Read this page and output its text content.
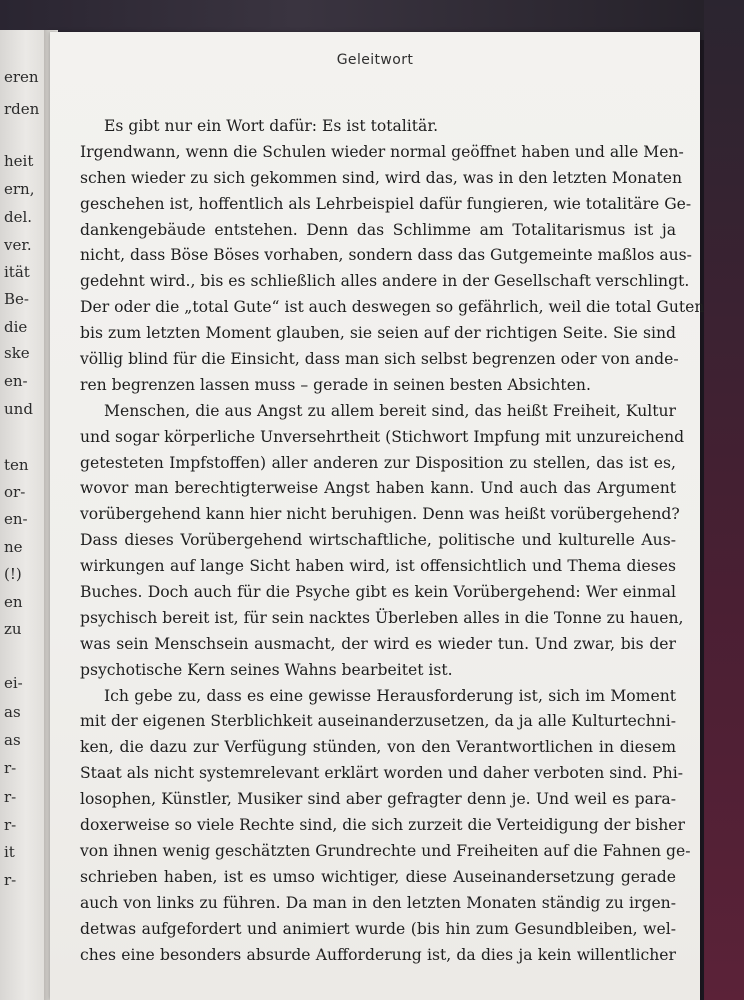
eren
rden
heit
ern,
del.
ver.
ität
Be-
die
ske
en-
und
ten
or-
en-
ne
(!)
en
zu
ei-
as
as
r-
r-
r-
it
r-
Geleitwort
Es gibt nur ein Wort dafür: Es ist totalitär.
Irgendwann, wenn die Schulen wieder normal geöffnet haben und alle Men-
schen wieder zu sich gekommen sind, wird das, was in den letzten Monaten
geschehen ist, hoffentlich als Lehrbeispiel dafür fungieren, wie totalitäre Ge-
dankengebäude entstehen. Denn das Schlimme am Totalitarismus ist ja
nicht, dass Böse Böses vorhaben, sondern dass das Gutgemeinte maßlos aus-
gedehnt wird., bis es schließlich alles andere in der Gesellschaft verschlingt.
Der oder die „total Gute“ ist auch deswegen so gefährlich, weil die total Guten
bis zum letzten Moment glauben, sie seien auf der richtigen Seite. Sie sind
völlig blind für die Einsicht, dass man sich selbst begrenzen oder von ande-
ren begrenzen lassen muss – gerade in seinen besten Absichten.
Menschen, die aus Angst zu allem bereit sind, das heißt Freiheit, Kultur
und sogar körperliche Unversehrtheit (Stichwort Impfung mit unzureichend
getesteten Impfstoffen) aller anderen zur Disposition zu stellen, das ist es,
wovor man berechtigterweise Angst haben kann. Und auch das Argument
vorübergehend kann hier nicht beruhigen. Denn was heißt vorübergehend?
Dass dieses Vorübergehend wirtschaftliche, politische und kulturelle Aus-
wirkungen auf lange Sicht haben wird, ist offensichtlich und Thema dieses
Buches. Doch auch für die Psyche gibt es kein Vorübergehend: Wer einmal
psychisch bereit ist, für sein nacktes Überleben alles in die Tonne zu hauen,
was sein Menschsein ausmacht, der wird es wieder tun. Und zwar, bis der
psychotische Kern seines Wahns bearbeitet ist.
Ich gebe zu, dass es eine gewisse Herausforderung ist, sich im Moment
mit der eigenen Sterblichkeit auseinanderzusetzen, da ja alle Kulturtechni-
ken, die dazu zur Verfügung stünden, von den Verantwortlichen in diesem
Staat als nicht systemrelevant erklärt worden und daher verboten sind. Phi-
losophen, Künstler, Musiker sind aber gefragter denn je. Und weil es para-
doxerweise so viele Rechte sind, die sich zurzeit die Verteidigung der bisher
von ihnen wenig geschätzten Grundrechte und Freiheiten auf die Fahnen ge-
schrieben haben, ist es umso wichtiger, diese Auseinandersetzung gerade
auch von links zu führen. Da man in den letzten Monaten ständig zu irgen-
detwas aufgefordert und animiert wurde (bis hin zum Gesundbleiben, wel-
ches eine besonders absurde Aufforderung ist, da dies ja kein willentlicher
